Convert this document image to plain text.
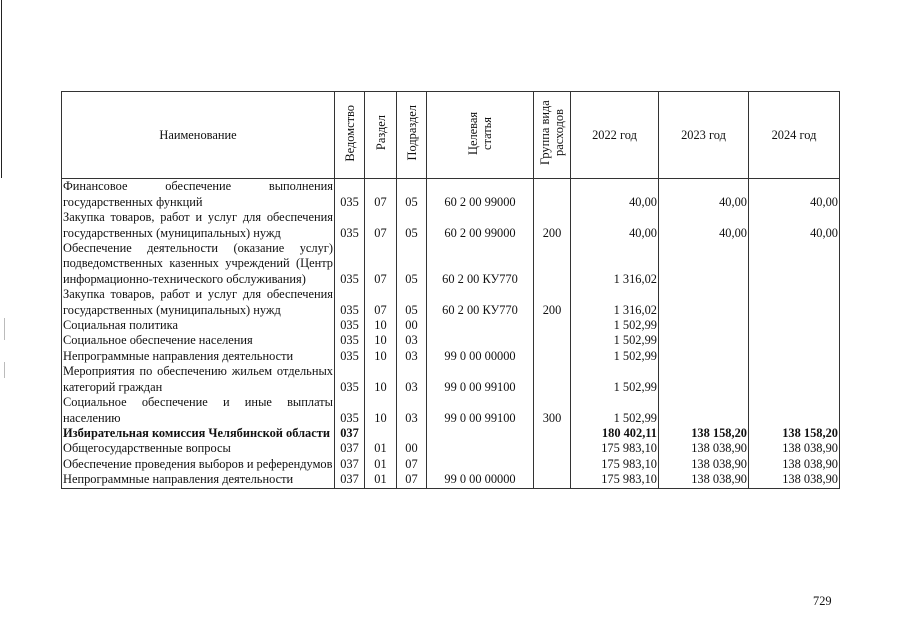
Наименование	Ведомство	Раздел	Подраздел	Целевая статья	Группа вида расходов	2022 год	2023 год	2024 год
Финансовое обеспечение выполнения государственных функций	035	07	05	60 2 00 99000		40,00	40,00	40,00
Закупка товаров, работ и услуг для обеспечения государственных (муниципальных) нужд	035	07	05	60 2 00 99000	200	40,00	40,00	40,00
Обеспечение деятельности (оказание услуг) подведомственных казенных учреждений (Центр информационно-технического обслуживания)	035	07	05	60 2 00 КУ770		1 316,02		
Закупка товаров, работ и услуг для обеспечения государственных (муниципальных) нужд	035	07	05	60 2 00 КУ770	200	1 316,02		
Социальная политика	035	10	00			1 502,99		
Социальное обеспечение населения	035	10	03			1 502,99		
Непрограммные направления деятельности	035	10	03	99 0 00 00000		1 502,99		
Мероприятия по обеспечению жильем отдельных категорий граждан	035	10	03	99 0 00 99100		1 502,99		
Социальное обеспечение и иные выплаты населению	035	10	03	99 0 00 99100	300	1 502,99		
Избирательная комиссия Челябинской области	037					180 402,11	138 158,20	138 158,20
Общегосударственные вопросы	037	01	00			175 983,10	138 038,90	138 038,90
Обеспечение проведения выборов и референдумов	037	01	07			175 983,10	138 038,90	138 038,90
Непрограммные направления деятельности	037	01	07	99 0 00 00000		175 983,10	138 038,90	138 038,90
729
